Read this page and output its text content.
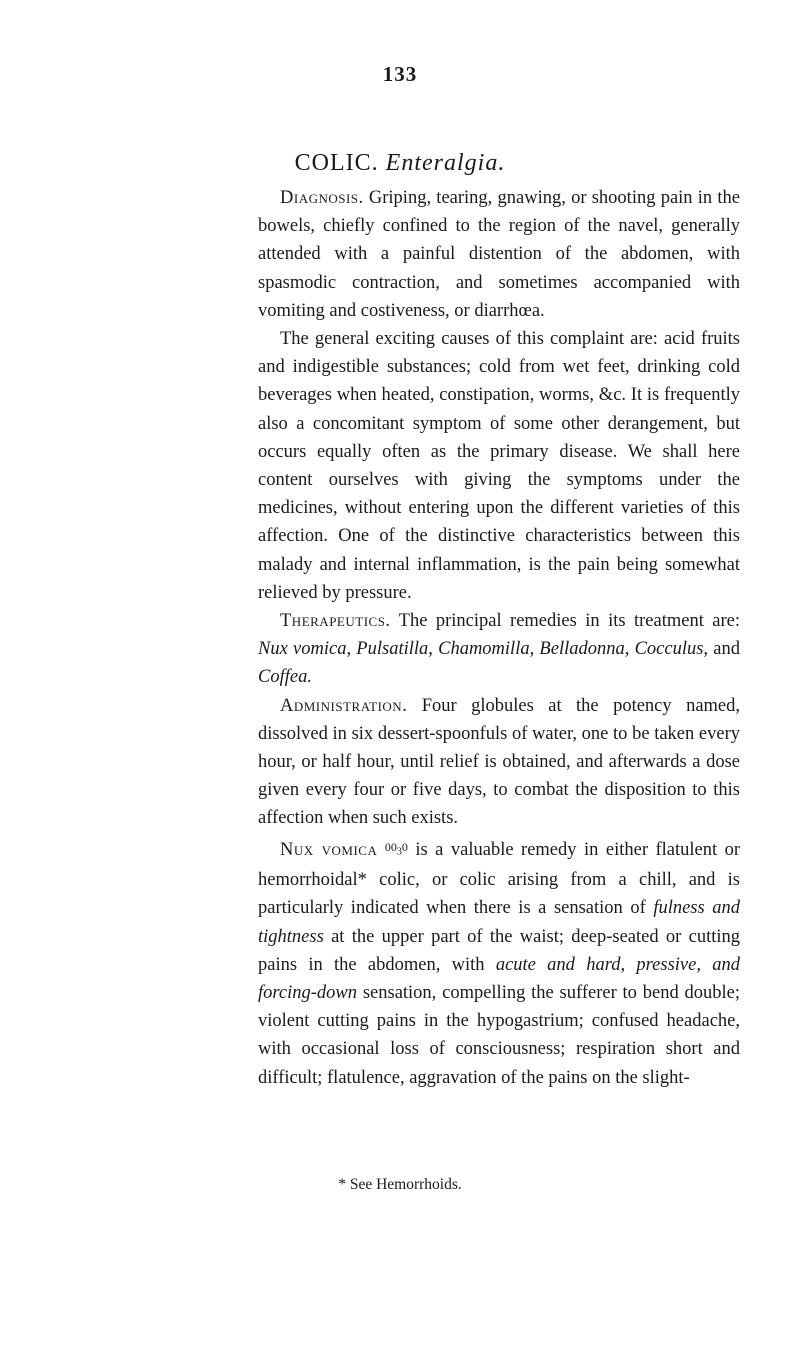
133
COLIC. Enteralgia.

Diagnosis. Griping, tearing, gnawing, or shooting pain in the bowels, chiefly confined to the region of the navel, generally attended with a painful distention of the abdomen, with spasmodic contraction, and sometimes accompanied with vomiting and costiveness, or diarrhœa.

The general exciting causes of this complaint are: acid fruits and indigestible substances; cold from wet feet, drinking cold beverages when heated, constipation, worms, &c. It is frequently also a concomitant symptom of some other derangement, but occurs equally often as the primary disease. We shall here content ourselves with giving the symptoms under the medicines, without entering upon the different varieties of this affection. One of the distinctive characteristics between this malady and internal inflammation, is the pain being somewhat relieved by pressure.

Therapeutics. The principal remedies in its treatment are: Nux vomica, Pulsatilla, Chamomilla, Belladonna, Cocculus, and Coffea.

Administration. Four globules at the potency named, dissolved in six dessert-spoonfuls of water, one to be taken every hour, or half hour, until relief is obtained, and afterwards a dose given every four or five days, to combat the disposition to this affection when such exists.

Nux vomica $^{00_30}$ is a valuable remedy in either flatulent or hemorrhoidal* colic, or colic arising from a chill, and is particularly indicated when there is a sensation of fulness and tightness at the upper part of the waist; deep-seated or cutting pains in the abdomen, with acute and hard, pressive, and forcing-down sensation, compelling the sufferer to bend double; violent cutting pains in the hypogastrium; confused headache, with occasional loss of consciousness; respiration short and difficult; flatulence, aggravation of the pains on the slight-

* See Hemorrhoids.
